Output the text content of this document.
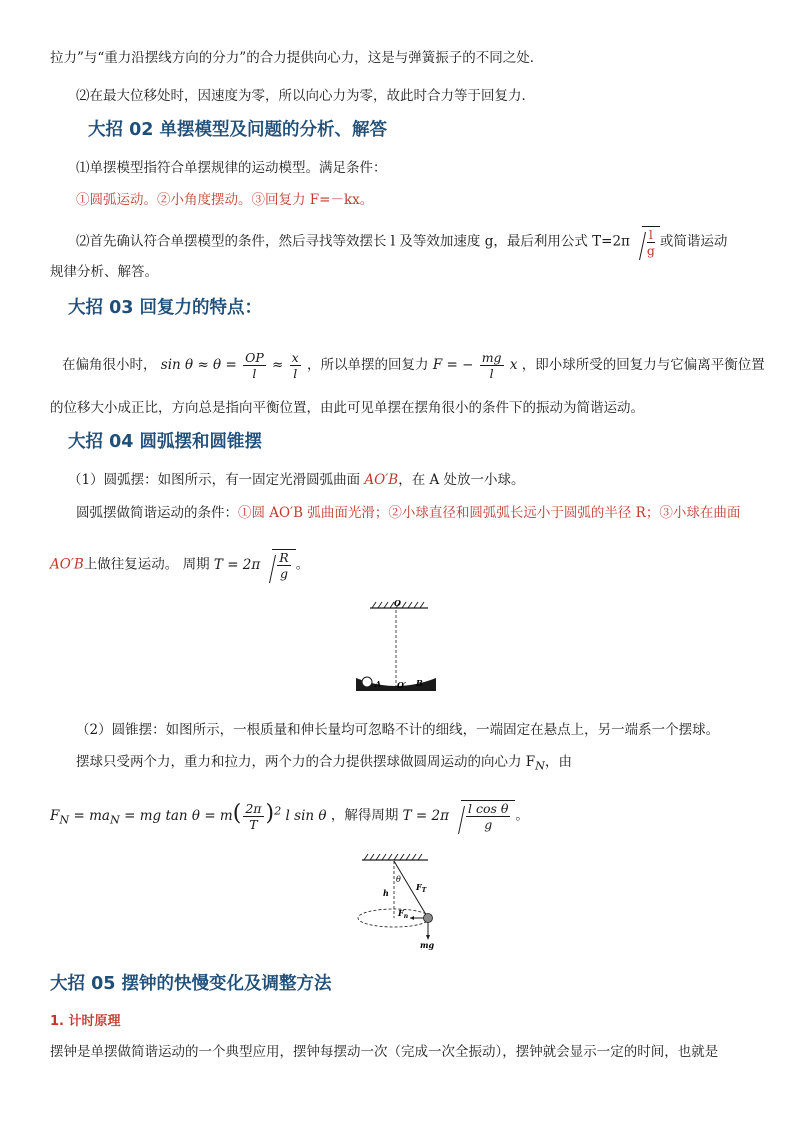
拉力”与“重力沿摆线方向的分力”的合力提供向心力，这是与弹簧振子的不同之处．
⑵在最大位移处时，因速度为零，所以向心力为零，故此时合力等于回复力．
大招 02 单摆模型及问题的分析、解答
⑴单摆模型指符合单摆规律的运动模型。满足条件：
①圆弧运动。②小角度摆动。③回复力 F=－kx。
⑵首先确认符合单摆模型的条件，然后寻找等效摆长 l 及等效加速度 g，最后利用公式 $T=2\pi \frac{l}{g}$ 或简谐运动
规律分析、解答。
大招 03 回复力的特点：
在偏角很小时， $\sin \theta \approx \theta = \frac{OP}{l} \approx \frac{x}{l}$ ，所以单摆的回复力 F = − $\frac{mg}{l}$ x ，即小球所受的回复力与它偏离平衡位置
的位移大小成正比，方向总是指向平衡位置，由此可见单摆在摆角很小的条件下的振动为简谐运动。
大招 04 圆弧摆和圆锥摆
（1）圆弧摆：如图所示，有一固定光滑圆弧曲面 AO′B，在 A 处放一小球。
圆弧摆做简谐运动的条件：①圆 AO′B 弧曲面光滑；②小球直径和圆弧弧长远小于圆弧的半径 R；③小球在曲面
AO′B上做往复运动。 周期 $T = 2\pi \frac{R}{g}$ 。
O
A O′ B
（2）圆锥摆：如图所示，一根质量和伸长量均可忽略不计的细线，一端固定在悬点上，另一端系一个摆球。
摆球只受两个力，重力和拉力，两个力的合力提供摆球做圆周运动的向心力 $F_N$，由
$F_N = ma_N$ = mg $\tan \theta = m( \frac{2\pi}{T} )^2$ l sin θ ，解得周期 $T = 2\pi \frac{\text{l cos θ}}{g}$ 。
θ
h
$F_T$
$F_n$
mg
大招 05 摆钟的快慢变化及调整方法
1. 计时原理
摆钟是单摆做简谐运动的一个典型应用，摆钟每摆动一次（完成一次全振动），摆钟就会显示一定的时间，也就是
